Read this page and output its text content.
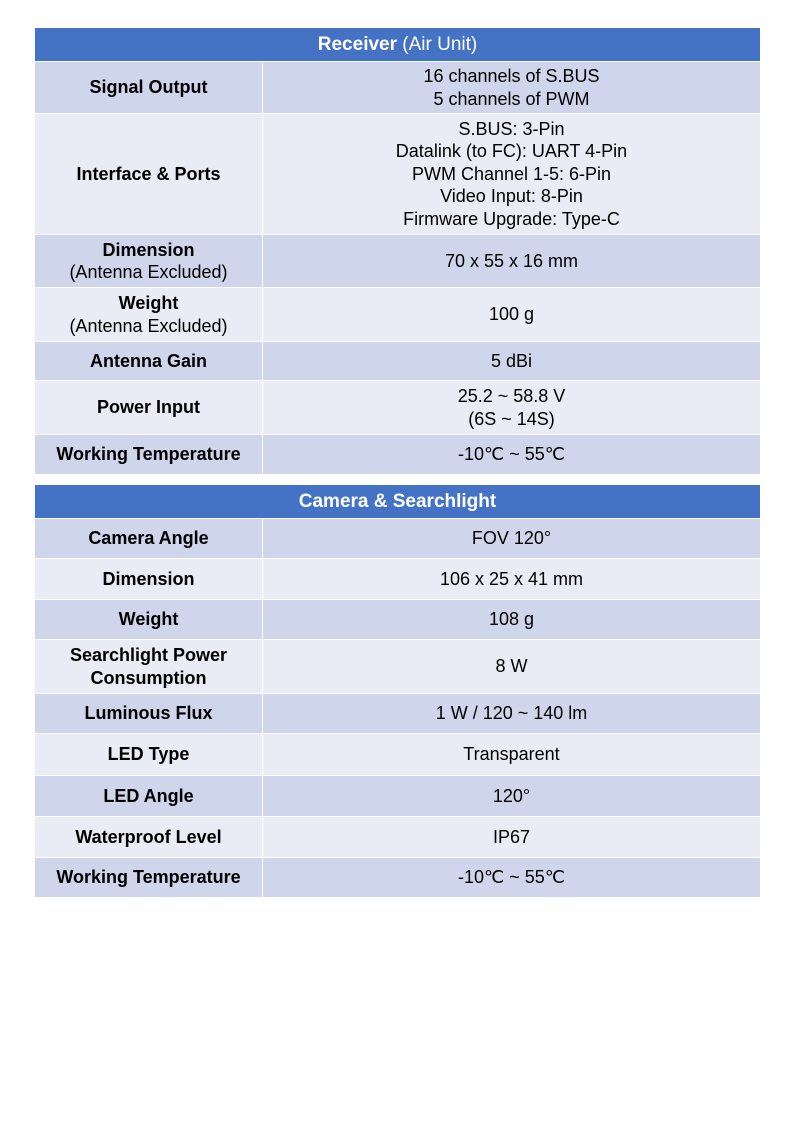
Receiver (Air Unit)	
Signal Output	16 channels of S.BUS
5 channels of PWM

Interface & Ports	S.BUS: 3-Pin
Datalink (to FC): UART 4-Pin
PWM Channel 1-5: 6-Pin
Video Input: 8-Pin
Firmware Upgrade: Type-C

Dimension
(Antenna Excluded)	70 x 55 x 16 mm

Weight
(Antenna Excluded)	100 g

Antenna Gain	5 dBi

Power Input	25.2 ~ 58.8 V
(6S ~ 14S)

Working Temperature	-10℃ ~ 55℃
Camera & Searchlight	
Camera Angle	FOV 120°

Dimension	106 x 25 x 41 mm

Weight	108 g

Searchlight Power Consumption	8 W

Luminous Flux	1 W / 120 ~ 140 lm

LED Type	Transparent

LED Angle	120°

Waterproof Level	IP67

Working Temperature	-10℃ ~ 55℃
